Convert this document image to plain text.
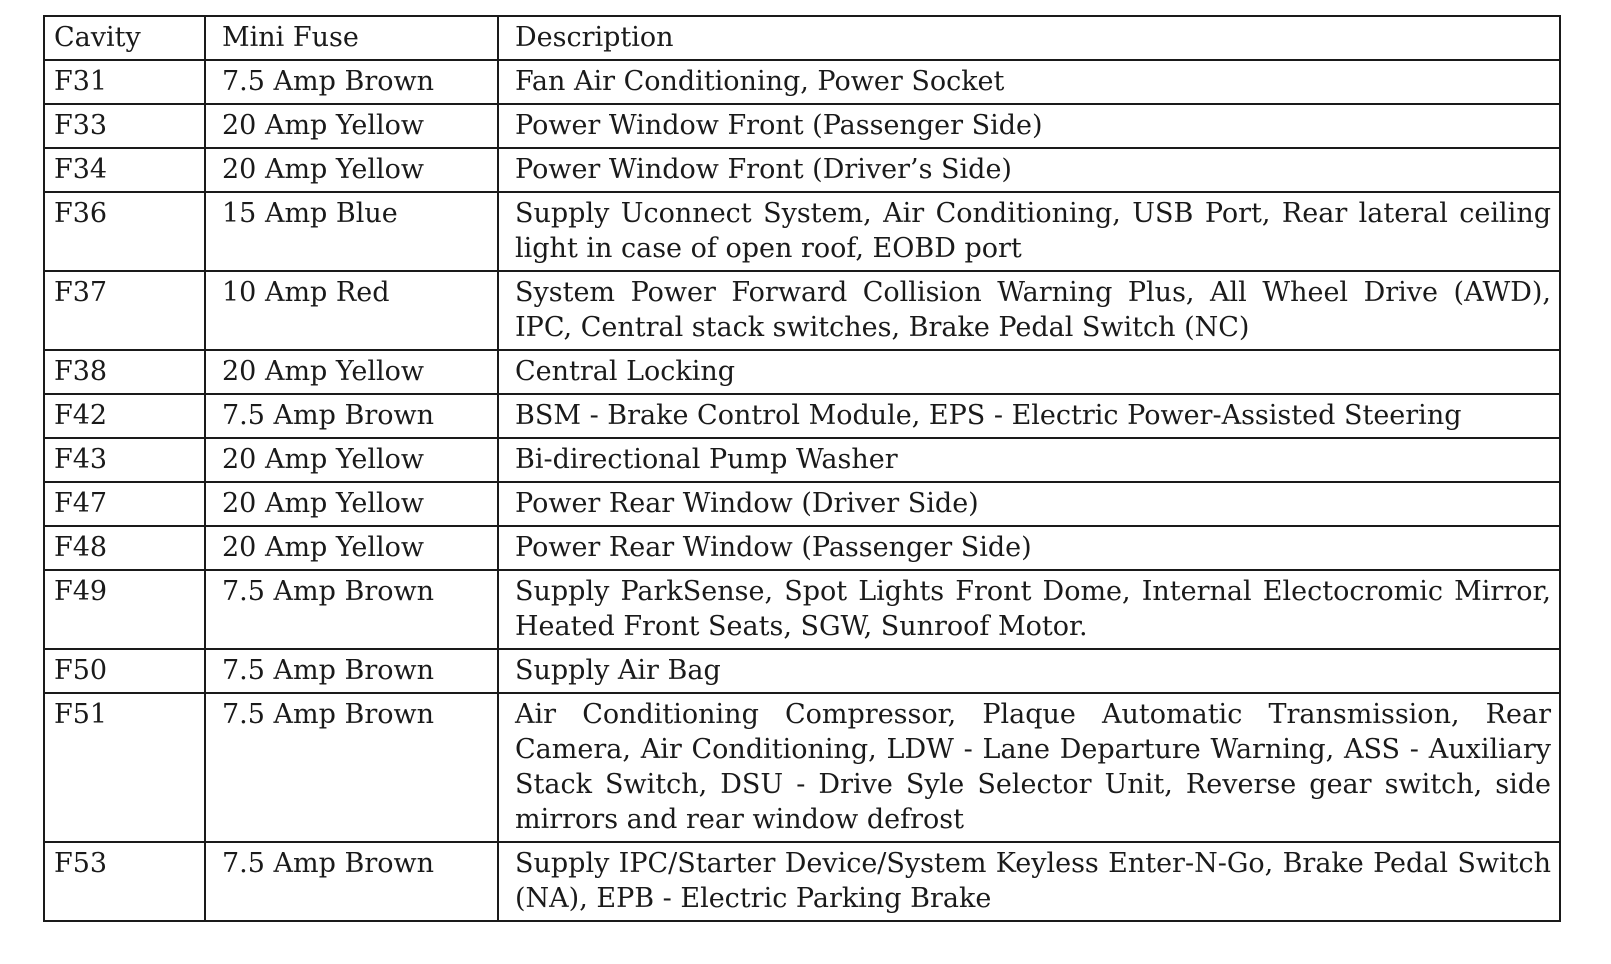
Cavity	Mini Fuse	Description
F31	7.5 Amp Brown	Fan Air Conditioning, Power Socket
F33	20 Amp Yellow	Power Window Front (Passenger Side)
F34	20 Amp Yellow	Power Window Front (Driver’s Side)
F36	15 Amp Blue	Supply Uconnect System, Air Conditioning, USB Port, Rear lateral ceiling light in case of open roof, EOBD port
F37	10 Amp Red	System Power Forward Collision Warning Plus, All Wheel Drive (AWD), IPC, Central stack switches, Brake Pedal Switch (NC)
F38	20 Amp Yellow	Central Locking
F42	7.5 Amp Brown	BSM - Brake Control Module, EPS - Electric Power-Assisted Steering
F43	20 Amp Yellow	Bi-directional Pump Washer
F47	20 Amp Yellow	Power Rear Window (Driver Side)
F48	20 Amp Yellow	Power Rear Window (Passenger Side)
F49	7.5 Amp Brown	Supply ParkSense, Spot Lights Front Dome, Internal Electocromic Mirror, Heated Front Seats, SGW, Sunroof Motor.
F50	7.5 Amp Brown	Supply Air Bag
F51	7.5 Amp Brown	Air Conditioning Compressor, Plaque Automatic Transmission, Rear Camera, Air Conditioning, LDW - Lane Departure Warning, ASS - Auxiliary Stack Switch, DSU - Drive Syle Selector Unit, Reverse gear switch, side mirrors and rear window defrost
F53	7.5 Amp Brown	Supply IPC/Starter Device/System Keyless Enter-N-Go, Brake Pedal Switch (NA), EPB - Electric Parking Brake
